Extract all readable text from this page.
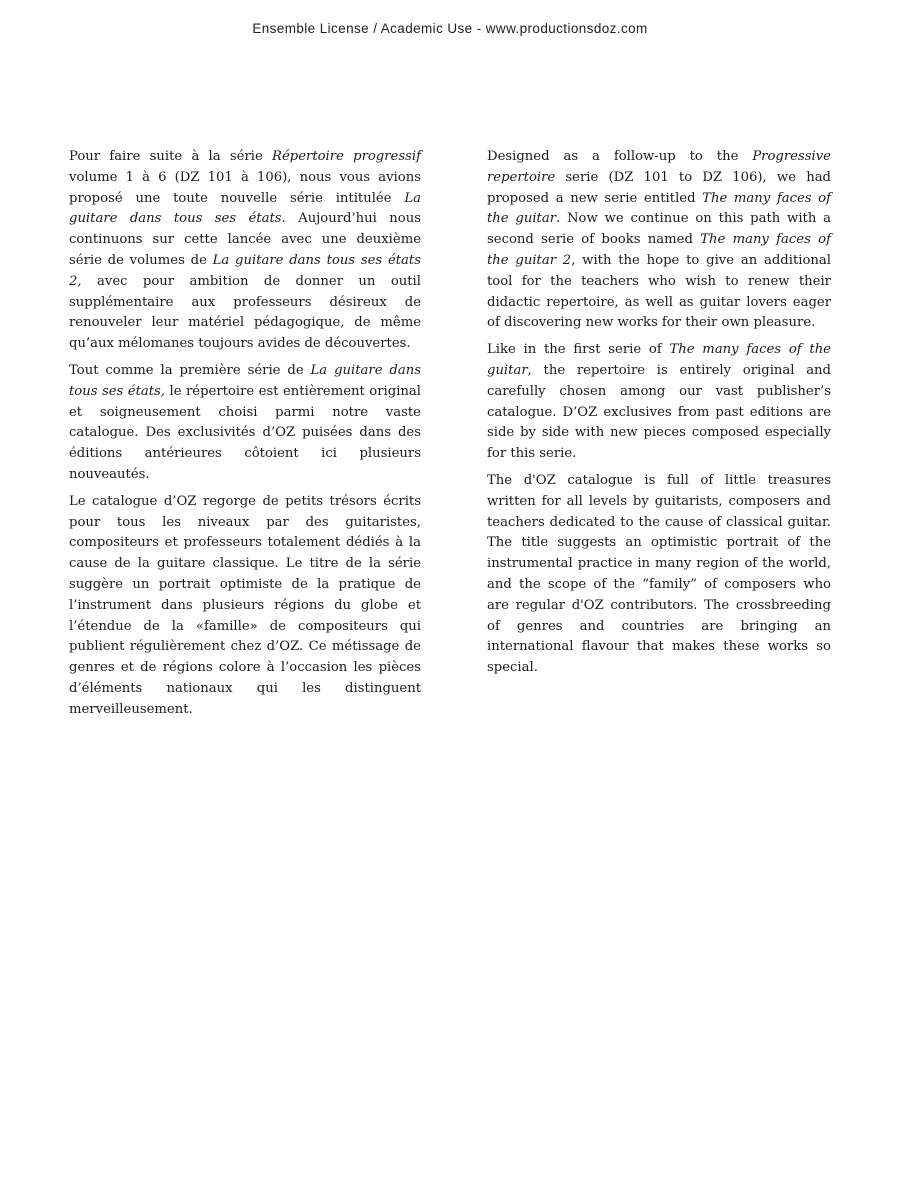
Ensemble License / Academic Use - www.productionsdoz.com

Pour faire suite à la série Répertoire progressif volume 1 à 6 (DZ 101 à 106), nous vous avions proposé une toute nouvelle série intitulée La guitare dans tous ses états. Aujourd’hui nous continuons sur cette lancée avec une deuxième série de volumes de La guitare dans tous ses états 2, avec pour ambition de donner un outil supplémentaire aux professeurs désireux de renouveler leur matériel pédagogique, de même qu’aux mélomanes toujours avides de découvertes.

Tout comme la première série de La guitare dans tous ses états, le répertoire est entièrement original et soigneusement choisi parmi notre vaste catalogue. Des exclusivités d’OZ puisées dans des éditions antérieures côtoient ici plusieurs nouveautés.

Le catalogue d’OZ regorge de petits trésors écrits pour tous les niveaux par des guitaristes, compositeurs et professeurs totalement dédiés à la cause de la guitare classique. Le titre de la série suggère un portrait optimiste de la pratique de l’instrument dans plusieurs régions du globe et l’étendue de la «famille» de compositeurs qui publient régulièrement chez d’OZ. Ce métissage de genres et de régions colore à l’occasion les pièces d’éléments nationaux qui les distinguent merveilleusement.

Designed as a follow-up to the Progressive repertoire serie (DZ 101 to DZ 106), we had proposed a new serie entitled The many faces of the guitar. Now we continue on this path with a second serie of books named The many faces of the guitar 2, with the hope to give an additional tool for the teachers who wish to renew their didactic repertoire, as well as guitar lovers eager of discovering new works for their own pleasure.

Like in the first serie of The many faces of the guitar, the repertoire is entirely original and carefully chosen among our vast publisher’s catalogue. D’OZ exclusives from past editions are side by side with new pieces composed especially for this serie.

The d'OZ catalogue is full of little treasures written for all levels by guitarists, composers and teachers dedicated to the cause of classical guitar. The title suggests an optimistic portrait of the instrumental practice in many region of the world, and the scope of the “family” of composers who are regular d'OZ contributors. The crossbreeding of genres and countries are bringing an international flavour that makes these works so special.
